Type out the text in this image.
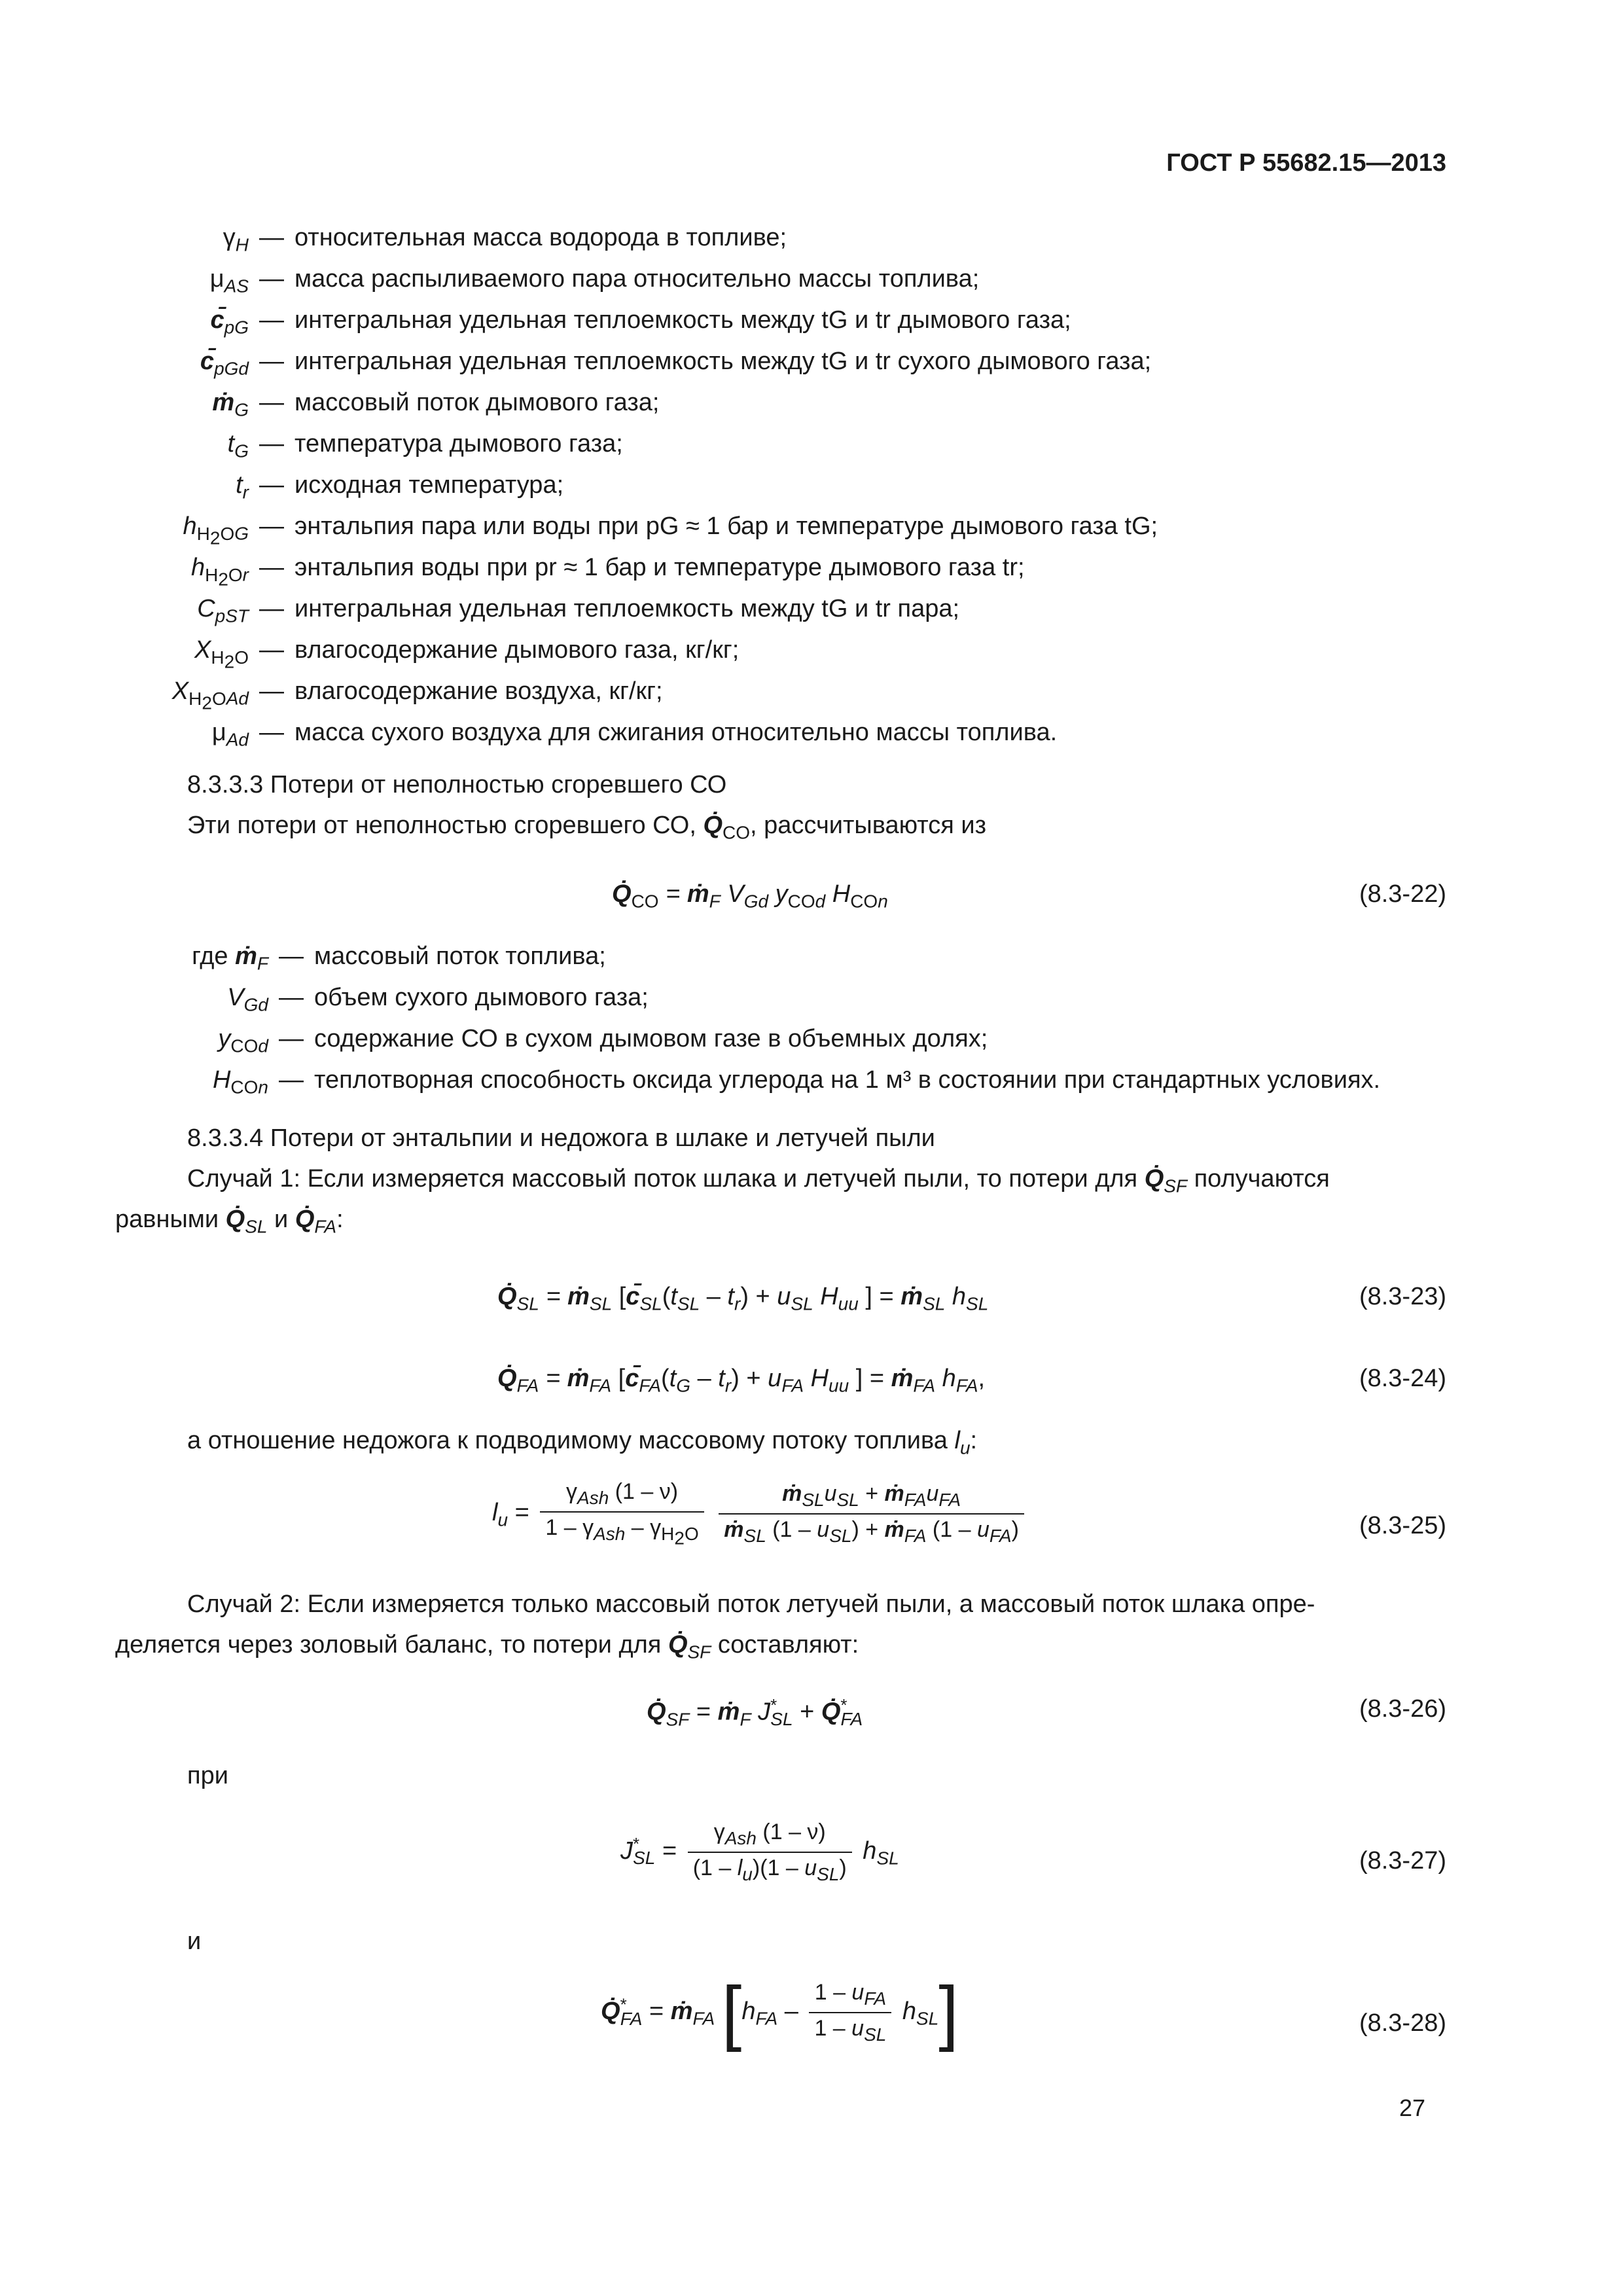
ГОСТ Р 55682.15—2013
$\gamma_H$ — относительная масса водорода в топливе;
$\mu_{AS}$ — масса распыливаемого пара относительно массы топлива;
$c̄_{pG}$ — интегральная удельная теплоемкость между tG и tr дымового газа;
$c̄_{pGd}$ — интегральная удельная теплоемкость между tG и tr сухого дымового газа;
ṁ$_G$ — массовый поток дымового газа;
$t_G$ — температура дымового газа;
$t_r$ — исходная температура;
$h_{H_2OG}$ — энтальпия пара или воды при pG ≈ 1 бар и температуре дымового газа tG;
$h_{H_2Or}$ — энтальпия воды при pr ≈ 1 бар и температуре дымового газа tr;
$C_{pST}$ — интегральная удельная теплоемкость между tG и tr пара;
$X_{H_2O}$ — влагосодержание дымового газа, кг/кг;
$X_{H_2OAd}$ — влагосодержание воздуха, кг/кг;
$\mu_{Ad}$ — масса сухого воздуха для сжигания относительно массы топлива.
8.3.3.3 Потери от неполностью сгоревшего СО
Эти потери от неполностью сгоревшего СО, $Q̇_{CO}$, рассчитываются из
$Q̇_{CO}$ = ṁ$_F$ $V_{Gd}$ $y_{COd}$ $H_{COn}$	(8.3-22)
где ṁ$_F$ — массовый поток топлива;
$V_{Gd}$ — объем сухого дымового газа;
$y_{COd}$ — содержание СО в сухом дымовом газе в объемных долях;
$H_{COn}$ — теплотворная способность оксида углерода на 1 м³ в состоянии при стандартных условиях.
8.3.3.4 Потери от энтальпии и недожога в шлаке и летучей пыли
Случай 1: Если измеряется массовый поток шлака и летучей пыли, то потери для $Q̇_{SF}$ получаются
равными $Q̇_{SL}$ и $Q̇_{FA}$:
$Q̇_{SL}$ = ṁ$_{SL}$ [$c̄_{SL}(t_{SL} - t_r) + u_{SL}$ $H_{uu}$ ] = ṁ$_{SL}$ $h_{SL}$	(8.3-23)
$Q̇_{FA}$ = ṁ$_{FA}$ [$c̄_{FA}(t_G - t_r) + u_{FA}$ $H_{uu}$ ] = ṁ$_{FA}$ $h_{FA}$,	(8.3-24)
а отношение недожога к подводимому массовому потоку топлива $l_u$:
$l_u = \frac{\gamma_{Ash} (1 - \nu)}{1 - \gamma_{Ash} - \gamma_{H_2O}}$
$\frac{ṁ_{SL}u_{SL} + ṁ_{FA}u_{FA}}{ṁ_{SL} (1 - u_{SL}) + ṁ_{FA} (1 - u_{FA})}$	(8.3-25)
Случай 2: Если измеряется только массовый поток летучей пыли, а массовый поток шлака опре-
деляется через золовый баланс, то потери для $Q̇_{SF}$ составляют:
$Q̇_{SF}$ = ṁ$_F$ $J^*_{SL}$ + $Q̇^*_{FA}$	(8.3-26)
при
$J^*_{SL} = \frac{\gamma_{Ash} (1 - \nu)}{(1 - l_u)(1 - u_{SL})} h_{SL}$	(8.3-27)
и
$Q̇^*_{FA}$ = ṁ$_{FA}$ $[h_{FA} - \frac{1 - u_{FA}}{1 - u_{SL}} h_{SL}]$	(8.3-28)
27
